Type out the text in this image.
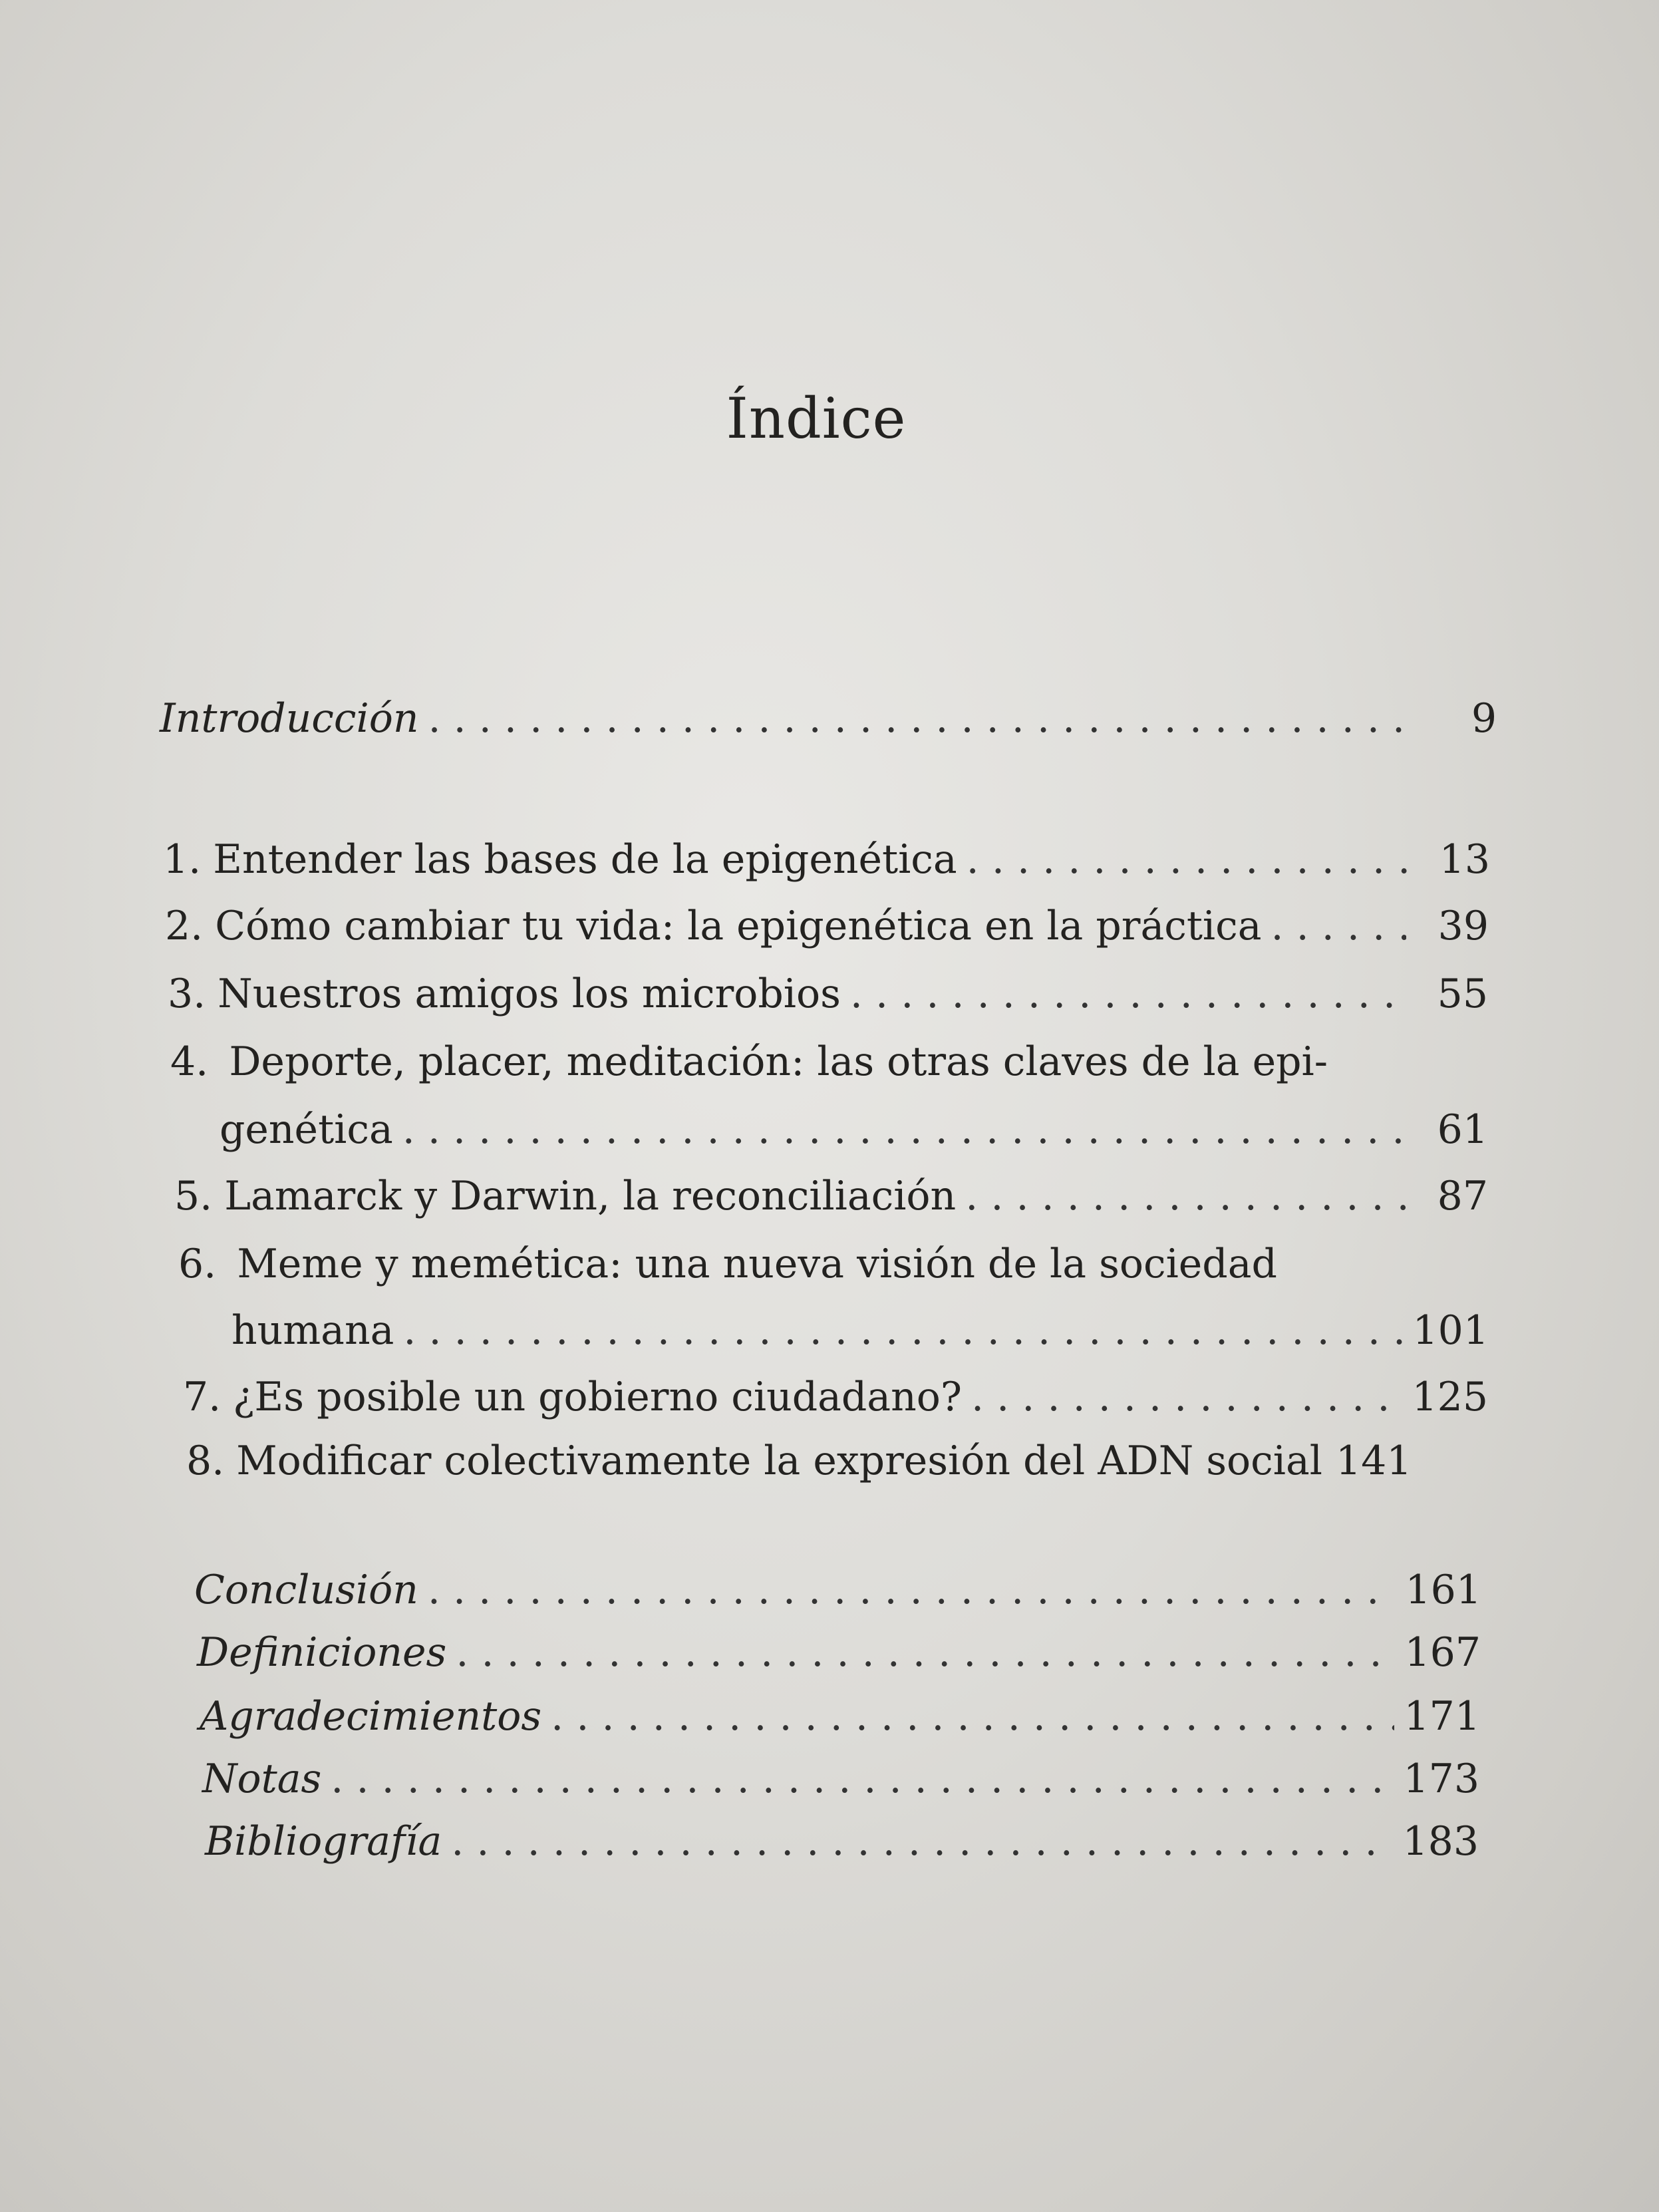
Índice
Introducción . . .	9
1. Entender las bases de la epigenética . . .	13
2. Cómo cambiar tu vida: la epigenética en la práctica . . .	39
3. Nuestros amigos los microbios . . .	55
4. Deporte, placer, meditación: las otras claves de la epi-
genética . . .	61
5. Lamarck y Darwin, la reconciliación . . .	87
6. Meme y memética: una nueva visión de la sociedad
humana . . .	101
7. ¿Es posible un gobierno ciudadano? . . .	125
8. Modificar colectivamente la expresión del ADN social 141
Conclusión . . .	161
Definiciones . . .	167
Agradecimientos . . .	171
Notas . . .	173
Bibliografía . . .	183
